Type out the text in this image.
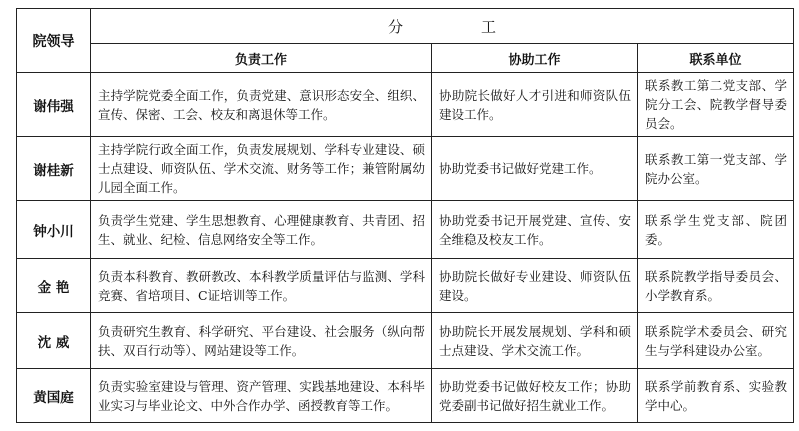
院领导	分工		
	负责工作	协助工作	联系单位
谢伟强	主持学院党委全面工作，负责党建、意识形态安全、组织、宣传、保密、工会、校友和离退休等工作。	协助院长做好人才引进和师资队伍建设工作。	联系教工第二党支部、学院分工会、院教学督导委员会。
谢桂新	主持学院行政全面工作，负责发展规划、学科专业建设、硕士点建设、师资队伍、学术交流、财务等工作；兼管附属幼儿园全面工作。	协助党委书记做好党建工作。	联系教工第一党支部、学院办公室。
钟小川	负责学生党建、学生思想教育、心理健康教育、共青团、招生、就业、纪检、信息网络安全等工作。	协助党委书记开展党建、宣传、安全维稳及校友工作。	联系学生党支部、院团委。
金 艳	负责本科教育、教研教改、本科教学质量评估与监测、学科竞赛、省培项目、C证培训等工作。	协助院长做好专业建设、师资队伍建设。	联系院教学指导委员会、小学教育系。
沈 威	负责研究生教育、科学研究、平台建设、社会服务（纵向帮扶、双百行动等）、网站建设等工作。	协助院长开展发展规划、学科和硕士点建设、学术交流工作。	联系院学术委员会、研究生与学科建设办公室。
黄国庭	负责实验室建设与管理、资产管理、实践基地建设、本科毕业实习与毕业论文、中外合作办学、函授教育等工作。	协助党委书记做好校友工作；协助党委副书记做好招生就业工作。	联系学前教育系、实验教学中心。
